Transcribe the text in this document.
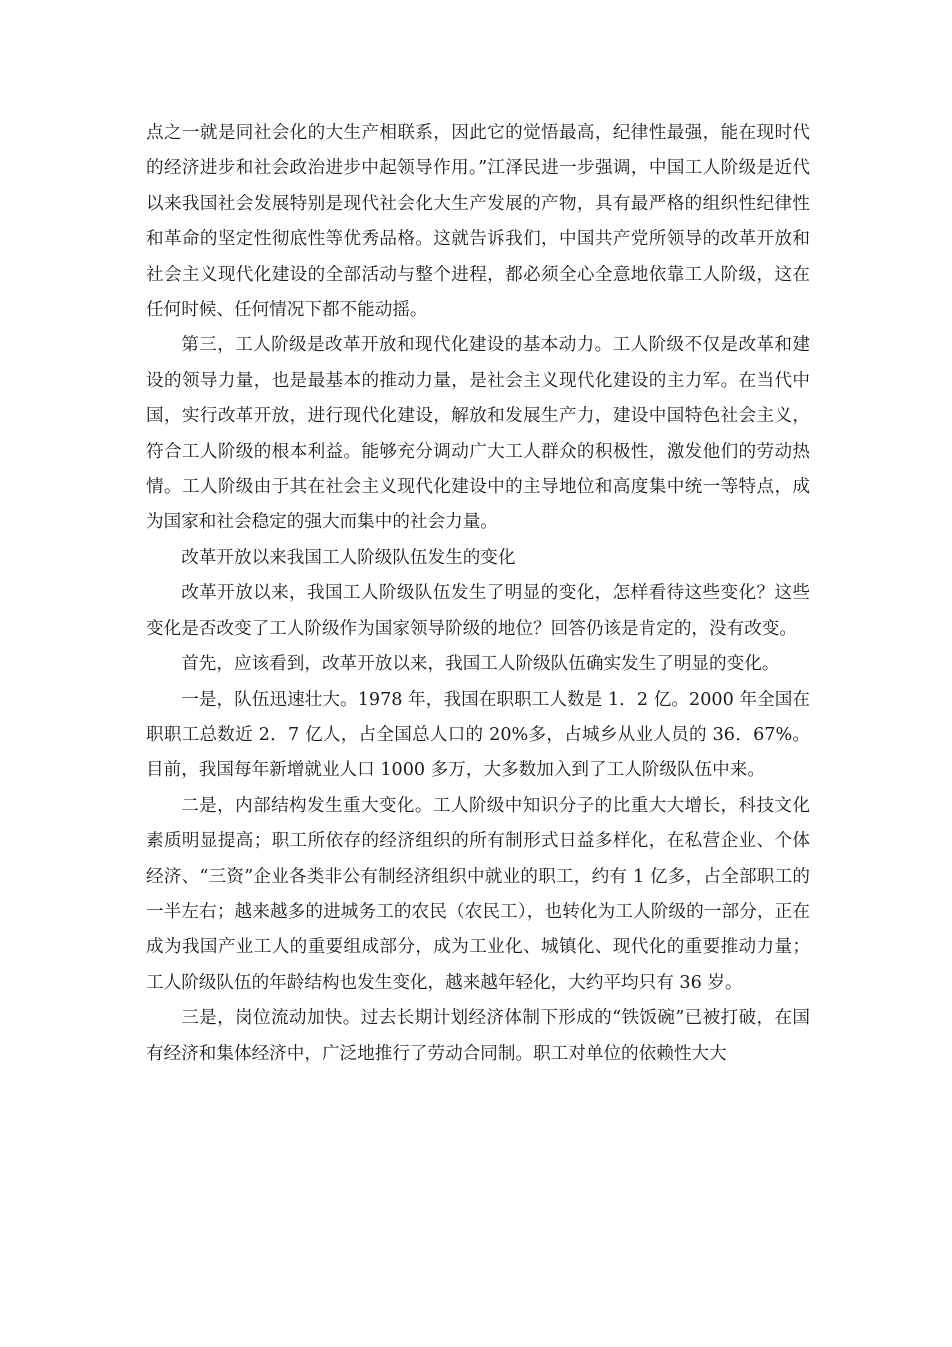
点之一就是同社会化的大生产相联系，因此它的觉悟最高，纪律性最强，能在现时代的经济进步和社会政治进步中起领导作用。”江泽民进一步强调，中国工人阶级是近代以来我国社会发展特别是现代社会化大生产发展的产物，具有最严格的组织性纪律性和革命的坚定性彻底性等优秀品格。这就告诉我们，中国共产党所领导的改革开放和社会主义现代化建设的全部活动与整个进程，都必须全心全意地依靠工人阶级，这在任何时候、任何情况下都不能动摇。

第三，工人阶级是改革开放和现代化建设的基本动力。工人阶级不仅是改革和建设的领导力量，也是最基本的推动力量，是社会主义现代化建设的主力军。在当代中国，实行改革开放，进行现代化建设，解放和发展生产力，建设中国特色社会主义，符合工人阶级的根本利益。能够充分调动广大工人群众的积极性，激发他们的劳动热情。工人阶级由于其在社会主义现代化建设中的主导地位和高度集中统一等特点，成为国家和社会稳定的强大而集中的社会力量。

改革开放以来我国工人阶级队伍发生的变化

改革开放以来，我国工人阶级队伍发生了明显的变化，怎样看待这些变化？这些变化是否改变了工人阶级作为国家领导阶级的地位？回答仍该是肯定的，没有改变。

首先，应该看到，改革开放以来，我国工人阶级队伍确实发生了明显的变化。

一是，队伍迅速壮大。1978 年，我国在职职工人数是 1．2 亿。2000 年全国在职职工总数近 2．7 亿人，占全国总人口的 20%多，占城乡从业人员的 36．67%。目前，我国每年新增就业人口 1000 多万，大多数加入到了工人阶级队伍中来。

二是，内部结构发生重大变化。工人阶级中知识分子的比重大大增长，科技文化素质明显提高；职工所依存的经济组织的所有制形式日益多样化，在私营企业、个体经济、“三资”企业各类非公有制经济组织中就业的职工，约有 1 亿多，占全部职工的一半左右；越来越多的进城务工的农民（农民工），也转化为工人阶级的一部分，正在成为我国产业工人的重要组成部分，成为工业化、城镇化、现代化的重要推动力量；工人阶级队伍的年龄结构也发生变化，越来越年轻化，大约平均只有 36 岁。

三是，岗位流动加快。过去长期计划经济体制下形成的“铁饭碗”已被打破，在国有经济和集体经济中，广泛地推行了劳动合同制。职工对单位的依赖性大大
